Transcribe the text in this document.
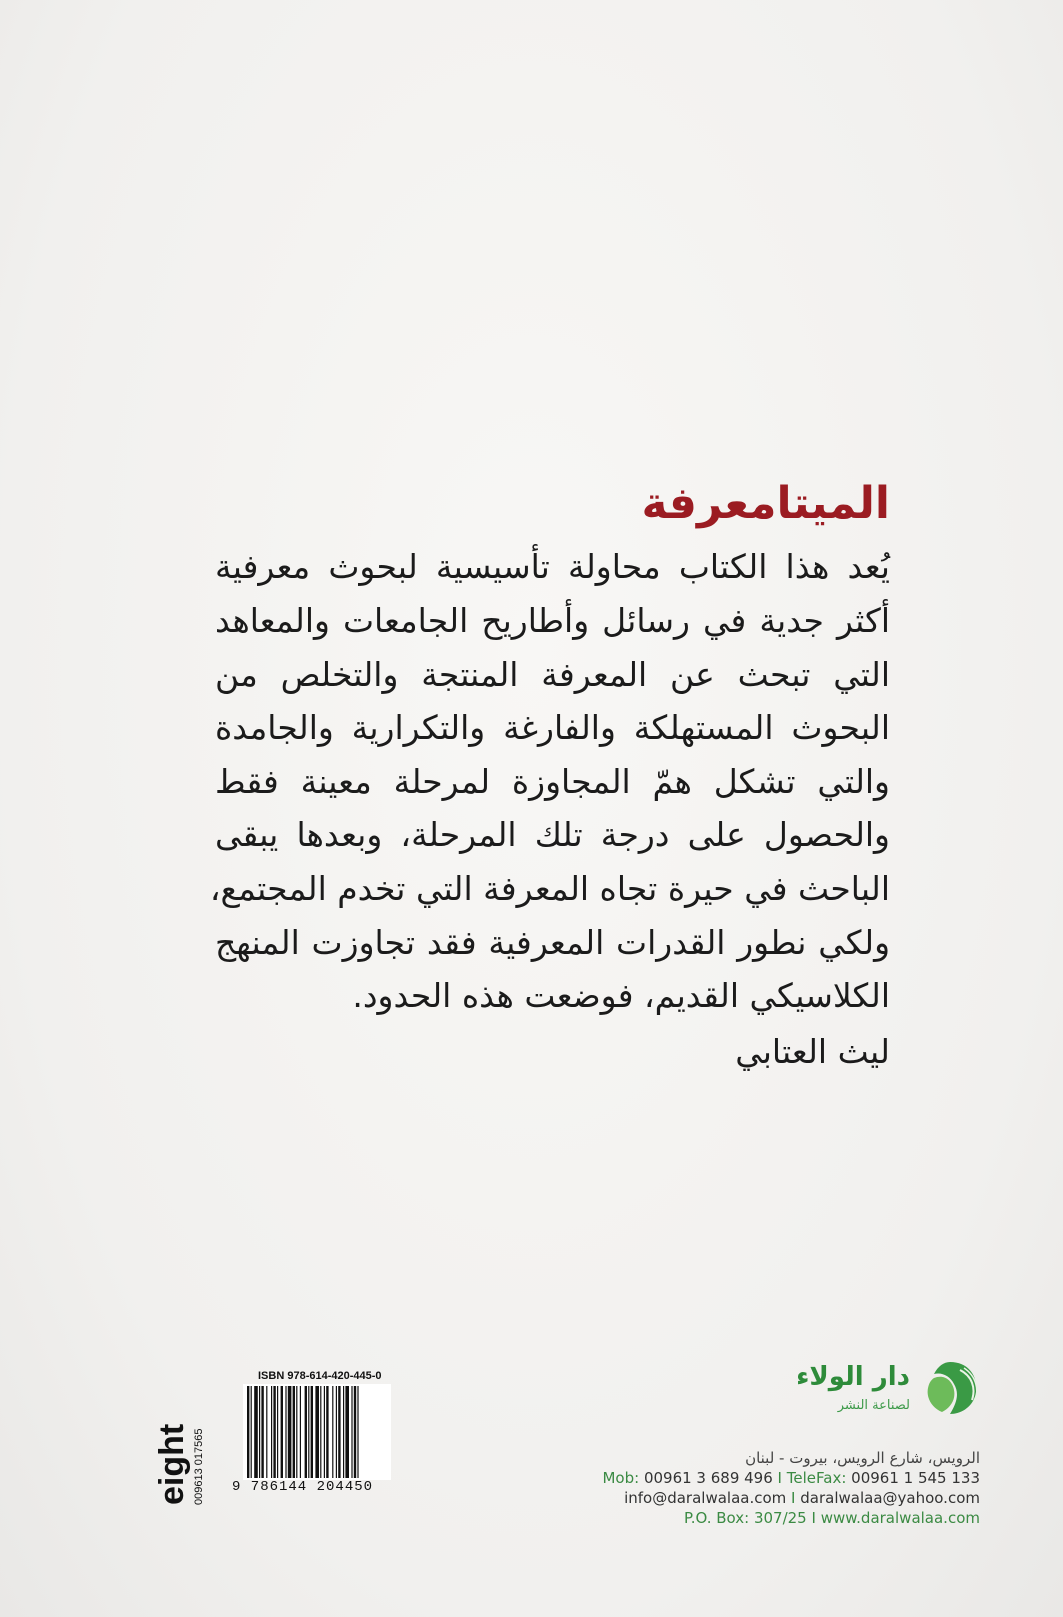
الميتامعرفة
يُعد هذا الكتاب محاولة تأسيسية لبحوث معرفية
أكثر جدية في رسائل وأطاريح الجامعات والمعاهد
التي تبحث عن المعرفة المنتجة والتخلص من
البحوث المستهلكة والفارغة والتكرارية والجامدة
والتي تشكل همّ المجاوزة لمرحلة معينة فقط
والحصول على درجة تلك المرحلة، وبعدها يبقى
الباحث في حيرة تجاه المعرفة التي تخدم المجتمع،
ولكي نطور القدرات المعرفية فقد تجاوزت المنهج
الكلاسيكي القديم، فوضعت هذه الحدود.
ليث العتابي
eight 009613 017565
ISBN 978-614-420-445-0
9 786144 204450
دار الولاء
لصناعة النشر
الرويس، شارع الرويس، بيروت - لبنان
Mob: 00961 3 689 496 I TeleFax: 00961 1 545 133
info@daralwalaa.com I daralwalaa@yahoo.com
P.O. Box: 307/25 I www.daralwalaa.com
